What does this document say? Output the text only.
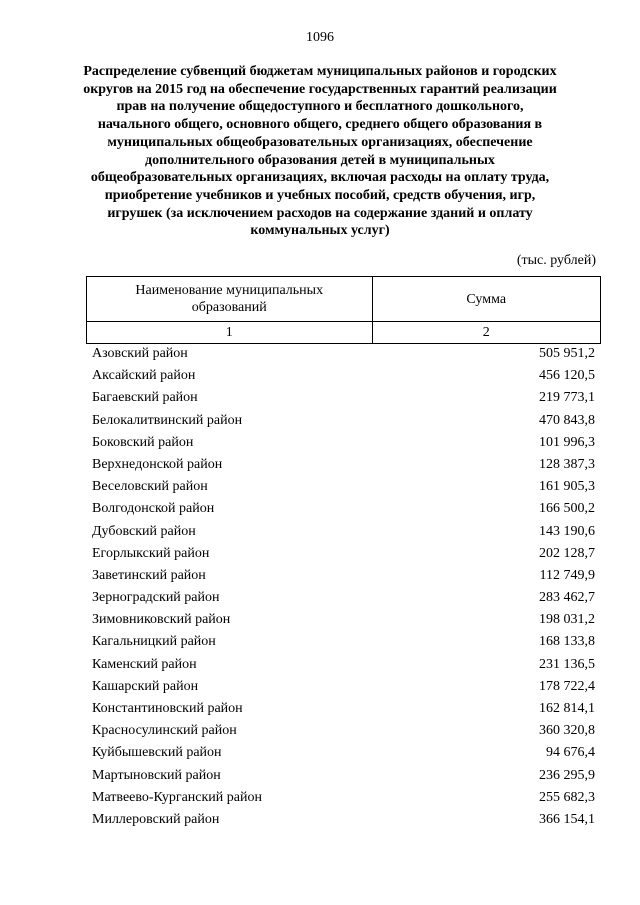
1096
Распределение субвенций бюджетам муниципальных районов и городских
округов на 2015 год на обеспечение государственных гарантий реализации
прав на получение общедоступного и бесплатного дошкольного,
начального общего, основного общего, среднего общего образования в
муниципальных общеобразовательных организациях, обеспечение
дополнительного образования детей в муниципальных
общеобразовательных организациях, включая расходы на оплату труда,
приобретение учебников и учебных пособий, средств обучения, игр,
игрушек (за исключением расходов на содержание зданий и оплату
коммунальных услуг)
(тыс. рублей)
Наименование муниципальных
образований	Сумма
1	2
Азовский район	505 951,2
Аксайский район	456 120,5
Багаевский район	219 773,1
Белокалитвинский район	470 843,8
Боковский район	101 996,3
Верхнедонской район	128 387,3
Веселовский район	161 905,3
Волгодонской район	166 500,2
Дубовский район	143 190,6
Егорлыкский район	202 128,7
Заветинский район	112 749,9
Зерноградский район	283 462,7
Зимовниковский район	198 031,2
Кагальницкий район	168 133,8
Каменский район	231 136,5
Кашарский район	178 722,4
Константиновский район	162 814,1
Красносулинский район	360 320,8
Куйбышевский район	94 676,4
Мартыновский район	236 295,9
Матвеево-Курганский район	255 682,3
Миллеровский район	366 154,1
